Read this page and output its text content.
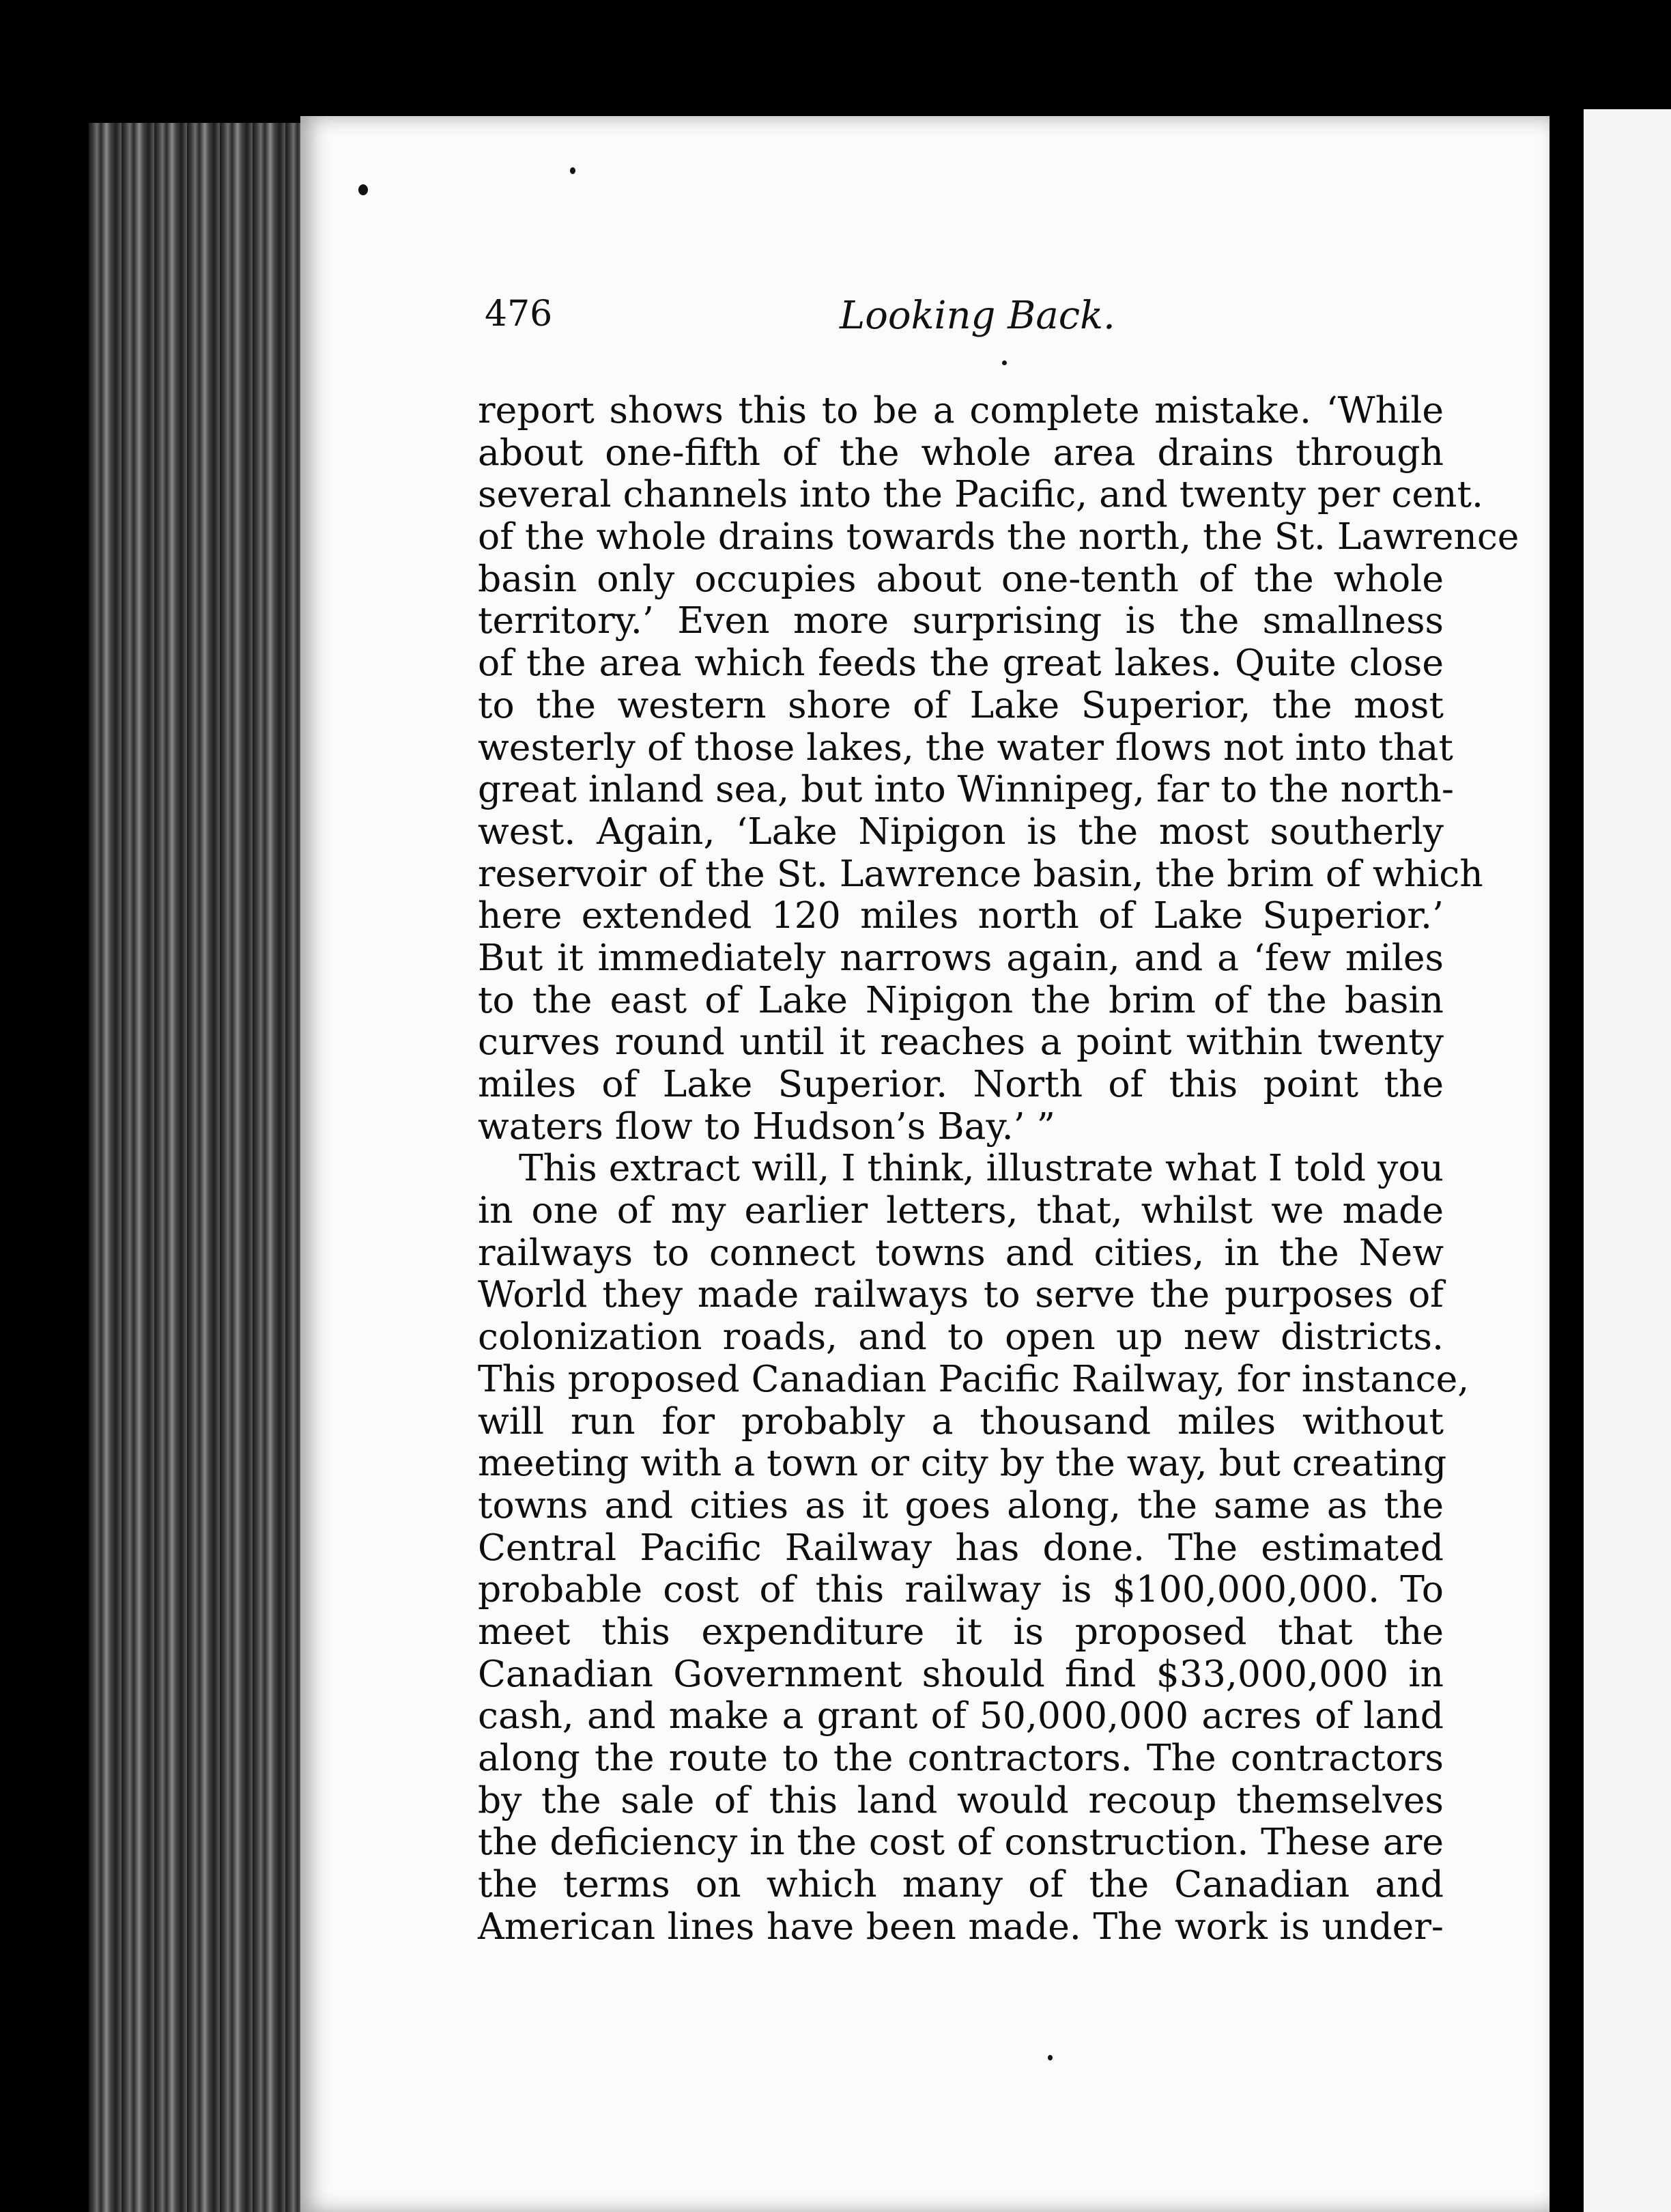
476	Looking Back.
report shows this to be a complete mistake. ‘While
about one-fifth of the whole area drains through
several channels into the Pacific, and twenty per cent.
of the whole drains towards the north, the St. Lawrence
basin only occupies about one-tenth of the whole
territory.’ Even more surprising is the smallness
of the area which feeds the great lakes. Quite close
to the western shore of Lake Superior, the most
westerly of those lakes, the water flows not into that
great inland sea, but into Winnipeg, far to the north-
west. Again, ‘Lake Nipigon is the most southerly
reservoir of the St. Lawrence basin, the brim of which
here extended 120 miles north of Lake Superior.’
But it immediately narrows again, and a ‘few miles
to the east of Lake Nipigon the brim of the basin
curves round until it reaches a point within twenty
miles of Lake Superior. North of this point the
waters flow to Hudson’s Bay.’ ”
This extract will, I think, illustrate what I told you
in one of my earlier letters, that, whilst we made
railways to connect towns and cities, in the New
World they made railways to serve the purposes of
colonization roads, and to open up new districts.
This proposed Canadian Pacific Railway, for instance,
will run for probably a thousand miles without
meeting with a town or city by the way, but creating
towns and cities as it goes along, the same as the
Central Pacific Railway has done. The estimated
probable cost of this railway is $100,000,000. To
meet this expenditure it is proposed that the
Canadian Government should find $33,000,000 in
cash, and make a grant of 50,000,000 acres of land
along the route to the contractors. The contractors
by the sale of this land would recoup themselves
the deficiency in the cost of construction. These are
the terms on which many of the Canadian and
American lines have been made. The work is under-
